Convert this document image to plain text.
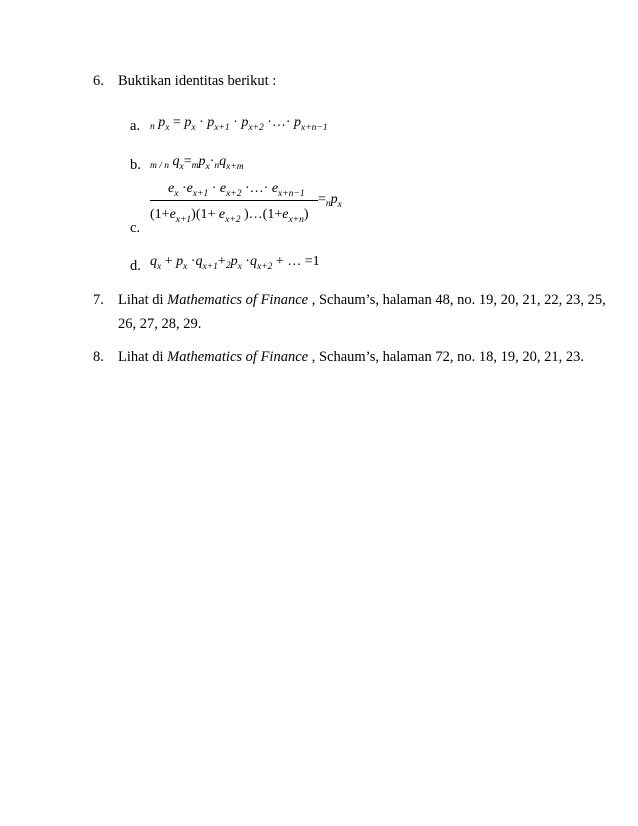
6. Buktikan identitas berikut :
a. $_n$ $p_x = p_x \cdot p_{x+1} \cdot p_{x+2}$ ·…· $p_{x+n-1}$
b. $_{m / n}$ $q_x=_mp_x\cdot_nq_{x+m}$
$e_x \cdot e_{x+1} \cdot e_{x+2}$ ·…· $e_{x+n-1}$
$(1+e_{x+1})(1+ e_{x+2}$ )$\dots(1+e_{x+n})$
$=_np_x$
c.
d. $q_x + p_x \cdot q_{x+1}+_2p_x \cdot q_{x+2}$ + … =1
7. Lihat di Mathematics of Finance , Schaum’s, halaman 48, no. 19, 20, 21, 22, 23, 25,
26, 27, 28, 29.
8. Lihat di Mathematics of Finance , Schaum’s, halaman 72, no. 18, 19, 20, 21, 23.
